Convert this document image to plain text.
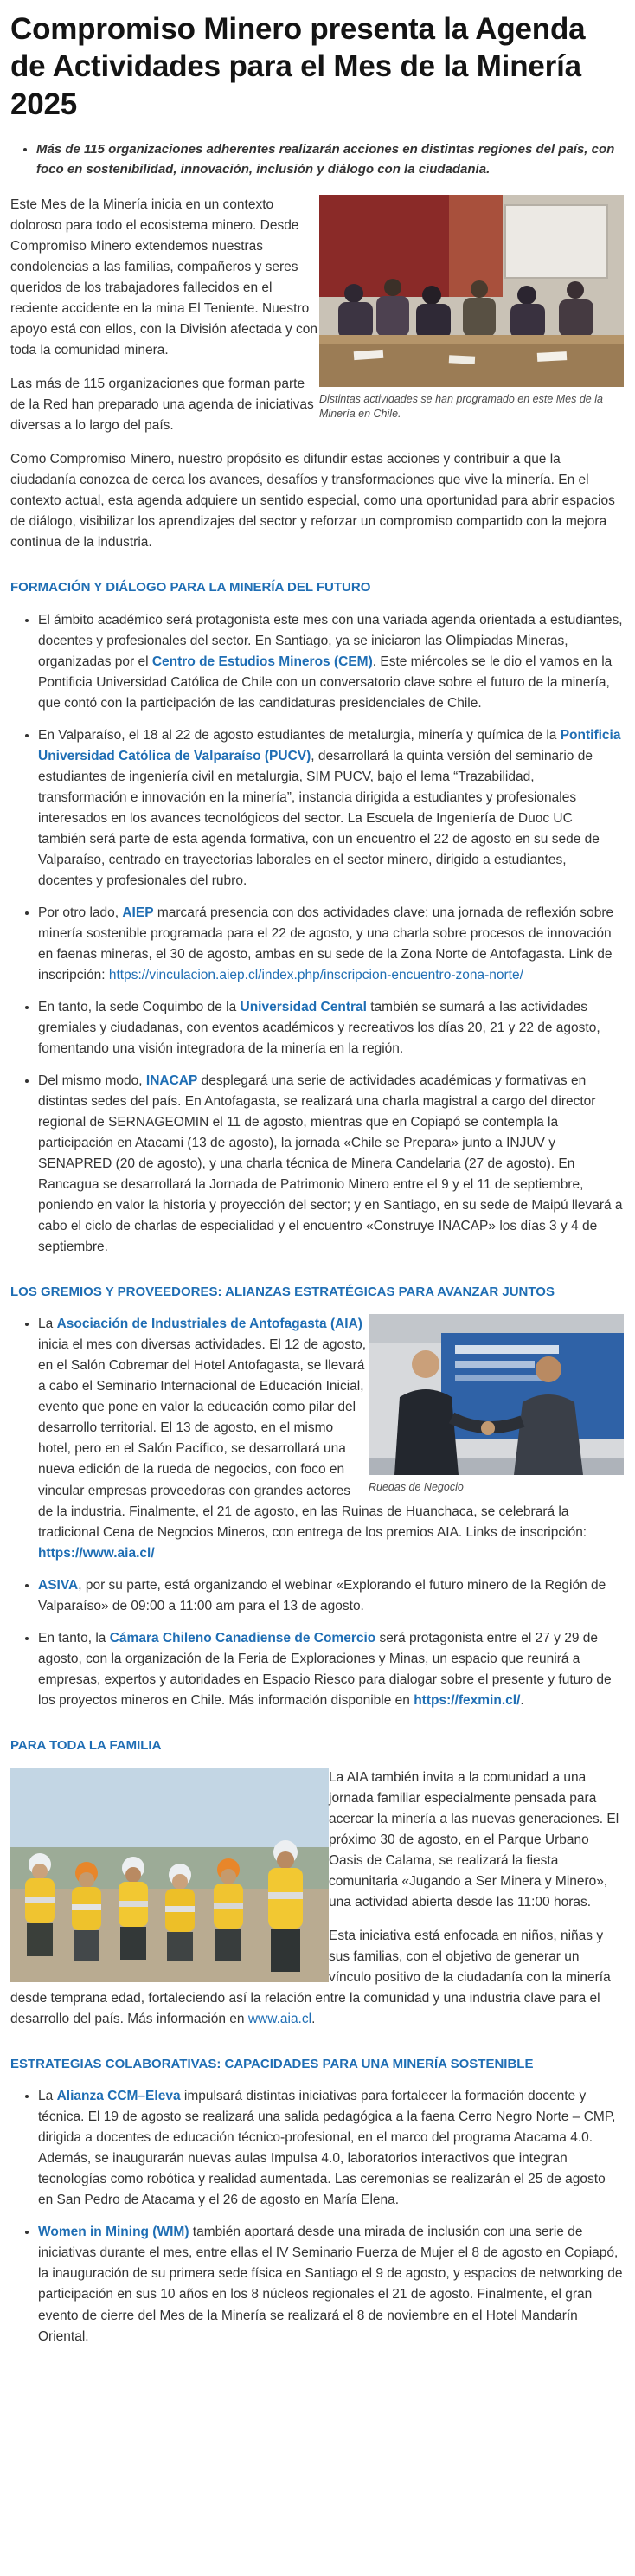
Compromiso Minero presenta la Agenda de Actividades para el Mes de la Minería 2025
• Más de 115 organizaciones adherentes realizarán acciones en distintas regiones del país, con foco en sostenibilidad, innovación, inclusión y diálogo con la ciudadanía.
Distintas actividades se han programado en este Mes de la Minería en Chile.

Este Mes de la Minería inicia en un contexto doloroso para todo el ecosistema minero. Desde Compromiso Minero extendemos nuestras condolencias a las familias, compañeros y seres queridos de los trabajadores fallecidos en el reciente accidente en la mina El Teniente. Nuestro apoyo está con ellos, con la División afectada y con toda la comunidad minera.

Las más de 115 organizaciones que forman parte de la Red han preparado una agenda de iniciativas diversas a lo largo del país.

Como Compromiso Minero, nuestro propósito es difundir estas acciones y contribuir a que la ciudadanía conozca de cerca los avances, desafíos y transformaciones que vive la minería. En el contexto actual, esta agenda adquiere un sentido especial, como una oportunidad para abrir espacios de diálogo, visibilizar los aprendizajes del sector y reforzar un compromiso compartido con la mejora continua de la industria.

FORMACIÓN Y DIÁLOGO PARA LA MINERÍA DEL FUTURO
• El ámbito académico será protagonista este mes con una variada agenda orientada a estudiantes, docentes y profesionales del sector. En Santiago, ya se iniciaron las Olimpiadas Mineras, organizadas por el Centro de Estudios Mineros (CEM). Este miércoles se le dio el vamos en la Pontificia Universidad Católica de Chile con un conversatorio clave sobre el futuro de la minería, que contó con la participación de las candidaturas presidenciales de Chile.
• En Valparaíso, el 18 al 22 de agosto estudiantes de metalurgia, minería y química de la Pontificia Universidad Católica de Valparaíso (PUCV), desarrollará la quinta versión del seminario de estudiantes de ingeniería civil en metalurgia, SIM PUCV, bajo el lema “Trazabilidad, transformación e innovación en la minería”, instancia dirigida a estudiantes y profesionales interesados en los avances tecnológicos del sector. La Escuela de Ingeniería de Duoc UC también será parte de esta agenda formativa, con un encuentro el 22 de agosto en su sede de Valparaíso, centrado en trayectorias laborales en el sector minero, dirigido a estudiantes, docentes y profesionales del rubro.
• Por otro lado, AIEP marcará presencia con dos actividades clave: una jornada de reflexión sobre minería sostenible programada para el 22 de agosto, y una charla sobre procesos de innovación en faenas mineras, el 30 de agosto, ambas en su sede de la Zona Norte de Antofagasta. Link de inscripción: https://vinculacion.aiep.cl/index.php/inscripcion-encuentro-zona-norte/
• En tanto, la sede Coquimbo de la Universidad Central también se sumará a las actividades gremiales y ciudadanas, con eventos académicos y recreativos los días 20, 21 y 22 de agosto, fomentando una visión integradora de la minería en la región.
• Del mismo modo, INACAP desplegará una serie de actividades académicas y formativas en distintas sedes del país. En Antofagasta, se realizará una charla magistral a cargo del director regional de SERNAGEOMIN el 11 de agosto, mientras que en Copiapó se contempla la participación en Atacami (13 de agosto), la jornada «Chile se Prepara» junto a INJUV y SENAPRED (20 de agosto), y una charla técnica de Minera Candelaria (27 de agosto). En Rancagua se desarrollará la Jornada de Patrimonio Minero entre el 9 y el 11 de septiembre, poniendo en valor la historia y proyección del sector; y en Santiago, en su sede de Maipú llevará a cabo el ciclo de charlas de especialidad y el encuentro «Construye INACAP» los días 3 y 4 de septiembre.
LOS GREMIOS Y PROVEEDORES: ALIANZAS ESTRATÉGICAS PARA AVANZAR JUNTOS
• Ruedas de Negocio
La Asociación de Industriales de Antofagasta (AIA) inicia el mes con diversas actividades. El 12 de agosto, en el Salón Cobremar del Hotel Antofagasta, se llevará a cabo el Seminario Internacional de Educación Inicial, evento que pone en valor la educación como pilar del desarrollo territorial. El 13 de agosto, en el mismo hotel, pero en el Salón Pacífico, se desarrollará una nueva edición de la rueda de negocios, con foco en vincular empresas proveedoras con grandes actores de la industria. Finalmente, el 21 de agosto, en las Ruinas de Huanchaca, se celebrará la tradicional Cena de Negocios Mineros, con entrega de los premios AIA. Links de inscripción: https://www.aia.cl/
• ASIVA, por su parte, está organizando el webinar «Explorando el futuro minero de la Región de Valparaíso» de 09:00 a 11:00 am para el 13 de agosto.
• En tanto, la Cámara Chileno Canadiense de Comercio será protagonista entre el 27 y 29 de agosto, con la organización de la Feria de Exploraciones y Minas, un espacio que reunirá a empresas, expertos y autoridades en Espacio Riesco para dialogar sobre el presente y futuro de los proyectos mineros en Chile. Más información disponible en https://fexmin.cl/.
PARA TODA LA FAMILIA

La AIA también invita a la comunidad a una jornada familiar especialmente pensada para acercar la minería a las nuevas generaciones. El próximo 30 de agosto, en el Parque Urbano Oasis de Calama, se realizará la fiesta comunitaria «Jugando a Ser Minera y Minero», una actividad abierta desde las 11:00 horas.

Esta iniciativa está enfocada en niños, niñas y sus familias, con el objetivo de generar un vínculo positivo de la ciudadanía con la minería desde temprana edad, fortaleciendo así la relación entre la comunidad y una industria clave para el desarrollo del país. Más información en www.aia.cl.

ESTRATEGIAS COLABORATIVAS: CAPACIDADES PARA UNA MINERÍA SOSTENIBLE
• La Alianza CCM–Eleva impulsará distintas iniciativas para fortalecer la formación docente y técnica. El 19 de agosto se realizará una salida pedagógica a la faena Cerro Negro Norte – CMP, dirigida a docentes de educación técnico-profesional, en el marco del programa Atacama 4.0. Además, se inaugurarán nuevas aulas Impulsa 4.0, laboratorios interactivos que integran tecnologías como robótica y realidad aumentada. Las ceremonias se realizarán el 25 de agosto en San Pedro de Atacama y el 26 de agosto en María Elena.
• Women in Mining (WIM) también aportará desde una mirada de inclusión con una serie de iniciativas durante el mes, entre ellas el IV Seminario Fuerza de Mujer el 8 de agosto en Copiapó, la inauguración de su primera sede física en Santiago el 9 de agosto, y espacios de networking de participación en sus 10 años en los 8 núcleos regionales el 21 de agosto. Finalmente, el gran evento de cierre del Mes de la Minería se realizará el 8 de noviembre en el Hotel Mandarín Oriental.
